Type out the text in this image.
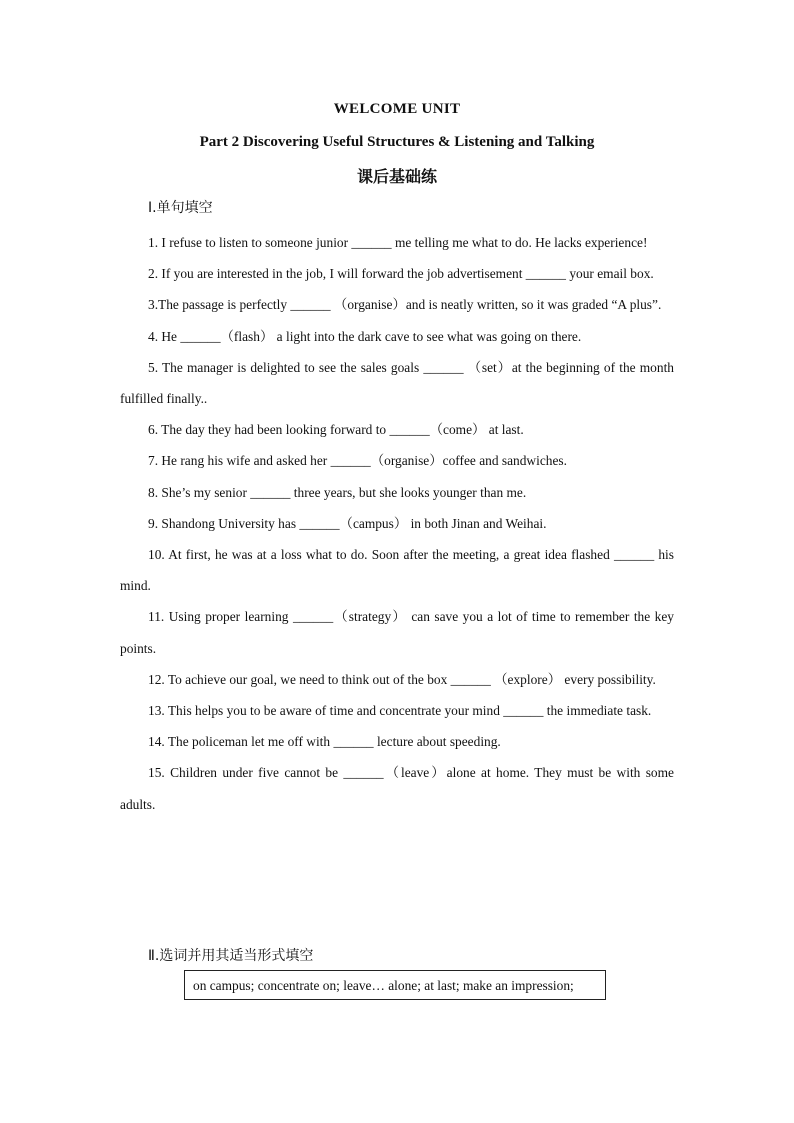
WELCOME UNIT
Part 2 Discovering Useful Structures & Listening and Talking
课后基础练
I.单句填空

1. I refuse to listen to someone junior ______ me telling me what to do. He lacks experience!

2. If you are interested in the job, I will forward the job advertisement ______ your email box.

3.The passage is perfectly ______ （organise）and is neatly written, so it was graded “A plus”.

4. He ______（flash） a light into the dark cave to see what was going on there.

5. The manager is delighted to see the sales goals ______ （set）at the beginning of the month fulfilled finally..

6. The day they had been looking forward to ______（come） at last.

7. He rang his wife and asked her ______（organise）coffee and sandwiches.

8. She’s my senior ______ three years, but she looks younger than me.

9. Shandong University has ______（campus） in both Jinan and Weihai.

10. At first, he was at a loss what to do. Soon after the meeting, a great idea flashed ______ his mind.

11. Using proper learning ______（strategy） can save you a lot of time to remember the key points.

12. To achieve our goal, we need to think out of the box ______ （explore） every possibility.

13. This helps you to be aware of time and concentrate your mind ______ the immediate task.

14. The policeman let me off with ______ lecture about speeding.

15. Children under five cannot be ______（leave）alone at home. They must be with some adults.

Ⅱ.选词并用其适当形式填空
on campus; concentrate on; leave… alone; at last; make an impression;
